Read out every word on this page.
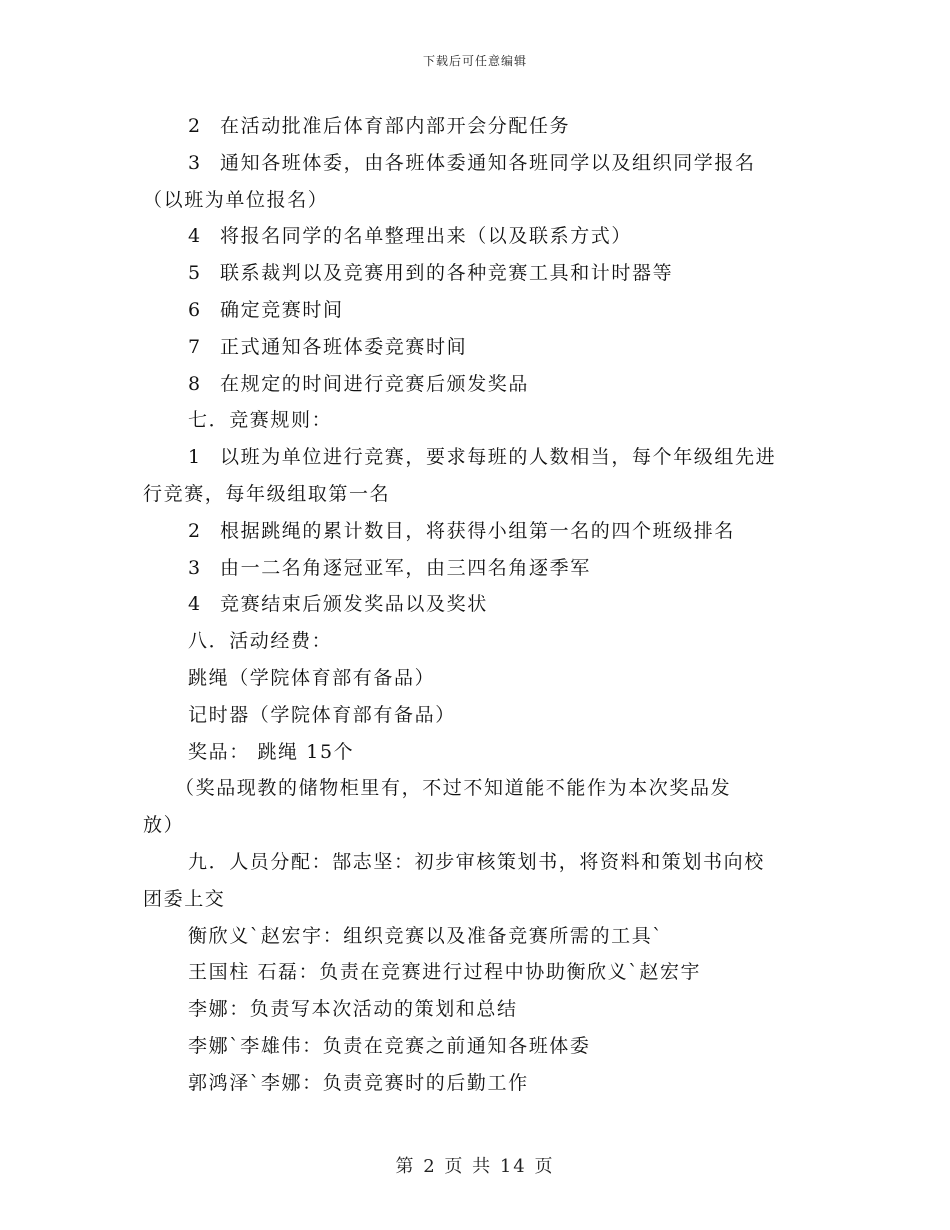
下载后可任意编辑
2 在活动批准后体育部内部开会分配任务
3 通知各班体委，由各班体委通知各班同学以及组织同学报名
（以班为单位报名）
4 将报名同学的名单整理出来（以及联系方式）
5 联系裁判以及竞赛用到的各种竞赛工具和计时器等
6 确定竞赛时间
7 正式通知各班体委竞赛时间
8 在规定的时间进行竞赛后颁发奖品
七．竞赛规则：
1 以班为单位进行竞赛，要求每班的人数相当，每个年级组先进
行竞赛，每年级组取第一名
2 根据跳绳的累计数目，将获得小组第一名的四个班级排名
3 由一二名角逐冠亚军，由三四名角逐季军
4 竞赛结束后颁发奖品以及奖状
八．活动经费：
跳绳（学院体育部有备品）
记时器（学院体育部有备品）
奖品： 跳绳 15个
（奖品现教的储物柜里有，不过不知道能不能作为本次奖品发
放）
九．人员分配：郜志坚：初步审核策划书，将资料和策划书向校
团委上交
衡欣义`赵宏宇：组织竞赛以及准备竞赛所需的工具`
王国柱 石磊：负责在竞赛进行过程中协助衡欣义`赵宏宇
李娜：负责写本次活动的策划和总结
李娜`李雄伟：负责在竞赛之前通知各班体委
郭鸿泽`李娜：负责竞赛时的后勤工作
第 2 页 共 14 页
